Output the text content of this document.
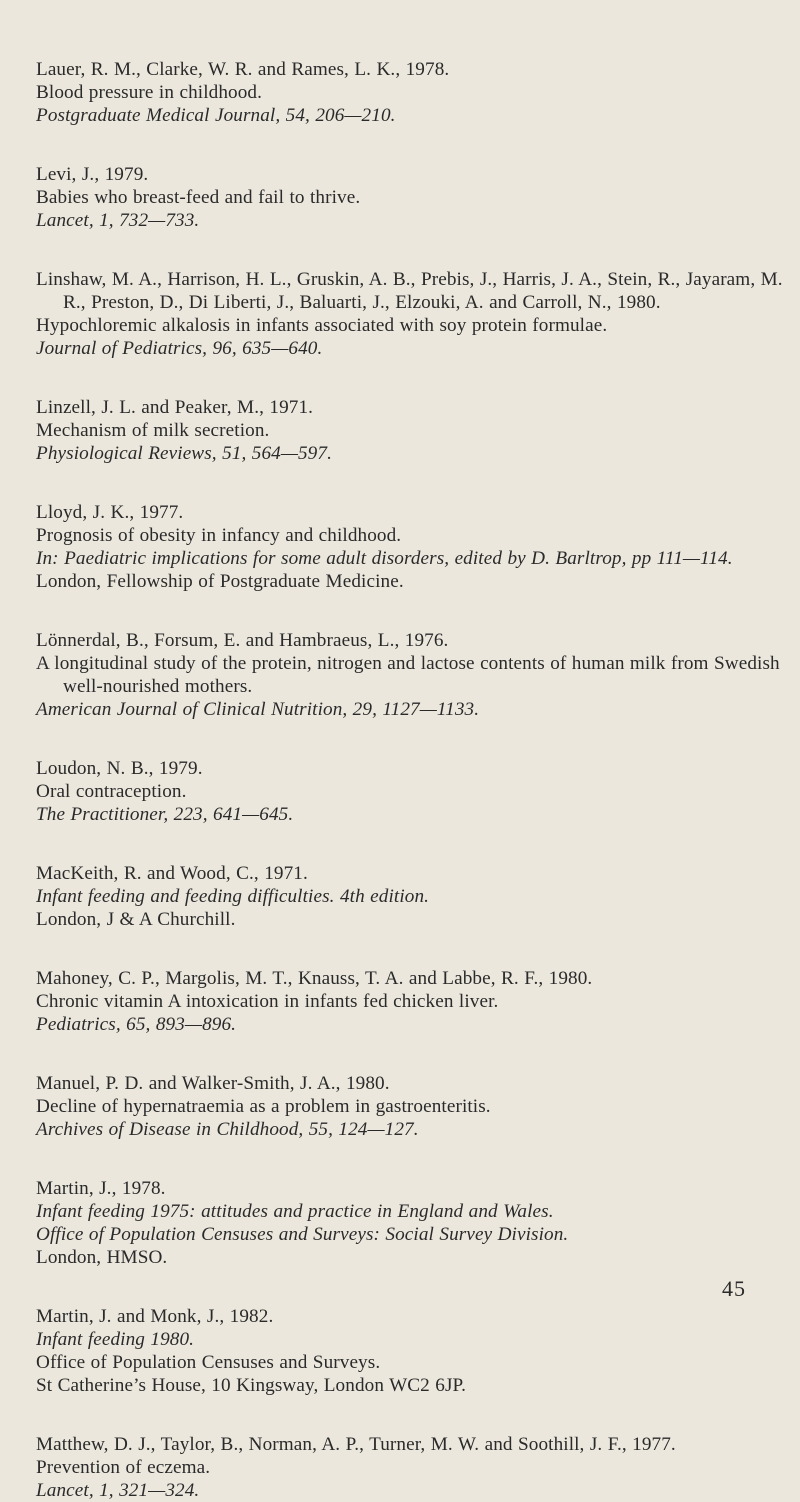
Lauer, R. M., Clarke, W. R. and Rames, L. K., 1978.

Blood pressure in childhood.

Postgraduate Medical Journal, 54, 206—210.

Levi, J., 1979.

Babies who breast-feed and fail to thrive.

Lancet, 1, 732—733.

Linshaw, M. A., Harrison, H. L., Gruskin, A. B., Prebis, J., Harris, J. A., Stein, R., Jayaram, M. R., Preston, D., Di Liberti, J., Baluarti, J., Elzouki, A. and Carroll, N., 1980.

Hypochloremic alkalosis in infants associated with soy protein formulae.

Journal of Pediatrics, 96, 635—640.

Linzell, J. L. and Peaker, M., 1971.

Mechanism of milk secretion.

Physiological Reviews, 51, 564—597.

Lloyd, J. K., 1977.

Prognosis of obesity in infancy and childhood.

In: Paediatric implications for some adult disorders, edited by D. Barltrop, pp 111—114.

London, Fellowship of Postgraduate Medicine.

Lönnerdal, B., Forsum, E. and Hambraeus, L., 1976.

A longitudinal study of the protein, nitrogen and lactose contents of human milk from Swedish well-nourished mothers.

American Journal of Clinical Nutrition, 29, 1127—1133.

Loudon, N. B., 1979.

Oral contraception.

The Practitioner, 223, 641—645.

MacKeith, R. and Wood, C., 1971.

Infant feeding and feeding difficulties. 4th edition.

London, J & A Churchill.

Mahoney, C. P., Margolis, M. T., Knauss, T. A. and Labbe, R. F., 1980.

Chronic vitamin A intoxication in infants fed chicken liver.

Pediatrics, 65, 893—896.

Manuel, P. D. and Walker-Smith, J. A., 1980.

Decline of hypernatraemia as a problem in gastroenteritis.

Archives of Disease in Childhood, 55, 124—127.

Martin, J., 1978.

Infant feeding 1975: attitudes and practice in England and Wales.

Office of Population Censuses and Surveys: Social Survey Division.

London, HMSO.

Martin, J. and Monk, J., 1982.

Infant feeding 1980.

Office of Population Censuses and Surveys.

St Catherine’s House, 10 Kingsway, London WC2 6JP.

Matthew, D. J., Taylor, B., Norman, A. P., Turner, M. W. and Soothill, J. F., 1977.

Prevention of eczema.

Lancet, 1, 321—324.

45
